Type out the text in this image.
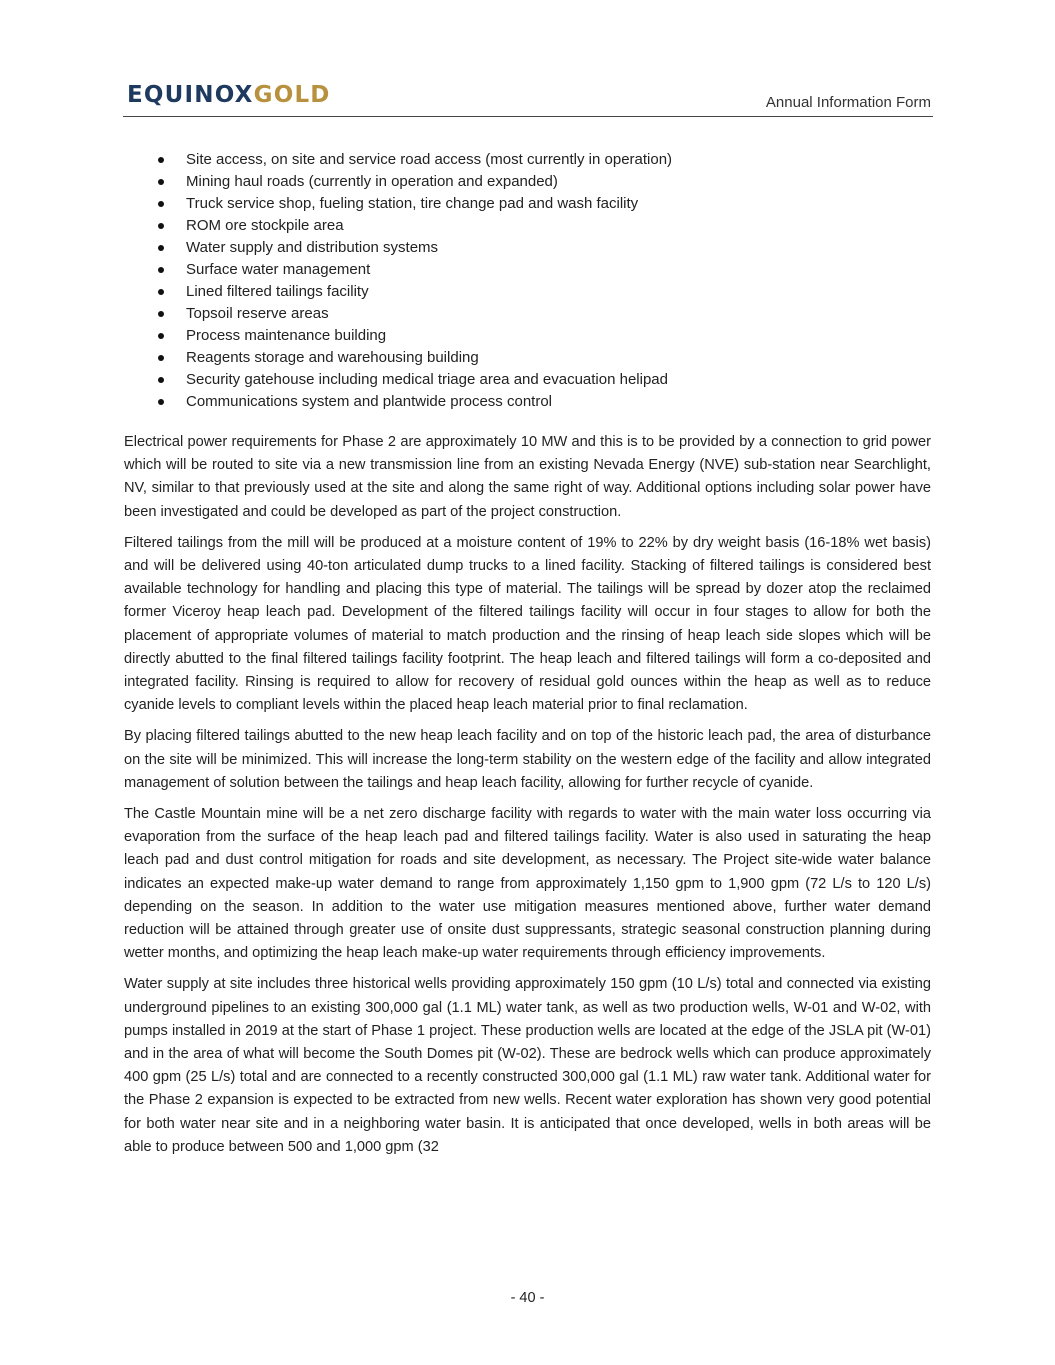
EQUINOXGOLD	Annual Information Form
Site access, on site and service road access (most currently in operation)
Mining haul roads (currently in operation and expanded)
Truck service shop, fueling station, tire change pad and wash facility
ROM ore stockpile area
Water supply and distribution systems
Surface water management
Lined filtered tailings facility
Topsoil reserve areas
Process maintenance building
Reagents storage and warehousing building
Security gatehouse including medical triage area and evacuation helipad
Communications system and plantwide process control

Electrical power requirements for Phase 2 are approximately 10 MW and this is to be provided by a connection to grid power which will be routed to site via a new transmission line from an existing Nevada Energy (NVE) sub-station near Searchlight, NV, similar to that previously used at the site and along the same right of way. Additional options including solar power have been investigated and could be developed as part of the project construction.

Filtered tailings from the mill will be produced at a moisture content of 19% to 22% by dry weight basis (16-18% wet basis) and will be delivered using 40-ton articulated dump trucks to a lined facility. Stacking of filtered tailings is considered best available technology for handling and placing this type of material. The tailings will be spread by dozer atop the reclaimed former Viceroy heap leach pad. Development of the filtered tailings facility will occur in four stages to allow for both the placement of appropriate volumes of material to match production and the rinsing of heap leach side slopes which will be directly abutted to the final filtered tailings facility footprint. The heap leach and filtered tailings will form a co-deposited and integrated facility. Rinsing is required to allow for recovery of residual gold ounces within the heap as well as to reduce cyanide levels to compliant levels within the placed heap leach material prior to final reclamation.

By placing filtered tailings abutted to the new heap leach facility and on top of the historic leach pad, the area of disturbance on the site will be minimized. This will increase the long-term stability on the western edge of the facility and allow integrated management of solution between the tailings and heap leach facility, allowing for further recycle of cyanide.

The Castle Mountain mine will be a net zero discharge facility with regards to water with the main water loss occurring via evaporation from the surface of the heap leach pad and filtered tailings facility. Water is also used in saturating the heap leach pad and dust control mitigation for roads and site development, as necessary. The Project site-wide water balance indicates an expected make-up water demand to range from approximately 1,150 gpm to 1,900 gpm (72 L/s to 120 L/s) depending on the season. In addition to the water use mitigation measures mentioned above, further water demand reduction will be attained through greater use of onsite dust suppressants, strategic seasonal construction planning during wetter months, and optimizing the heap leach make-up water requirements through efficiency improvements.

Water supply at site includes three historical wells providing approximately 150 gpm (10 L/s) total and connected via existing underground pipelines to an existing 300,000 gal (1.1 ML) water tank, as well as two production wells, W-01 and W-02, with pumps installed in 2019 at the start of Phase 1 project. These production wells are located at the edge of the JSLA pit (W-01) and in the area of what will become the South Domes pit (W-02). These are bedrock wells which can produce approximately 400 gpm (25 L/s) total and are connected to a recently constructed 300,000 gal (1.1 ML) raw water tank. Additional water for the Phase 2 expansion is expected to be extracted from new wells. Recent water exploration has shown very good potential for both water near site and in a neighboring water basin. It is anticipated that once developed, wells in both areas will be able to produce between 500 and 1,000 gpm (32

- 40 -
